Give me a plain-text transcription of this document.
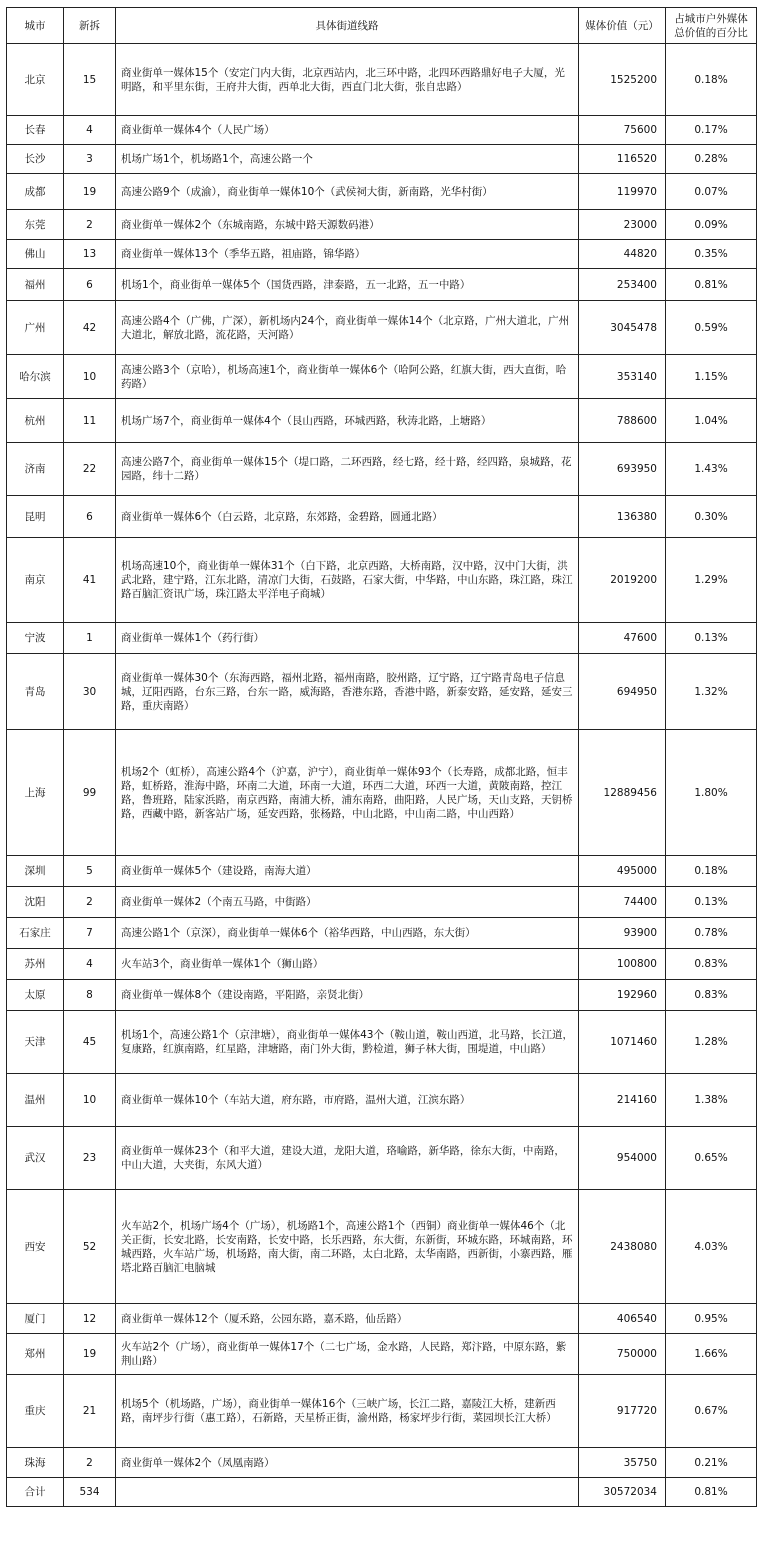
城市	新拆	具体街道线路	媒体价值（元）	占城市户外媒体总价值的百分比
北京	15	商业街单一媒体15个（安定门内大街，北京西站内，北三环中路，北四环西路鼎好电子大厦，光明路，和平里东街，王府井大街，西单北大街，西直门北大街，张自忠路）	1525200	0.18%
长春	4	商业街单一媒体4个（人民广场）	75600	0.17%
长沙	3	机场广场1个，机场路1个，高速公路一个	116520	0.28%
成都	19	高速公路9个（成渝），商业街单一媒体10个（武侯祠大街，新南路，光华村街）	119970	0.07%
东莞	2	商业街单一媒体2个（东城南路，东城中路天源数码港）	23000	0.09%
佛山	13	商业街单一媒体13个（季华五路，祖庙路，锦华路）	44820	0.35%
福州	6	机场1个，商业街单一媒体5个（国货西路，津泰路，五一北路，五一中路）	253400	0.81%
广州	42	高速公路4个（广佛，广深），新机场内24个，商业街单一媒体14个（北京路，广州大道北，广州大道北，解放北路，流花路，天河路）	3045478	0.59%
哈尔滨	10	高速公路3个（京哈），机场高速1个，商业街单一媒体6个（哈阿公路，红旗大街，西大直街，哈药路）	353140	1.15%
杭州	11	机场广场7个，商业街单一媒体4个（艮山西路，环城西路，秋涛北路，上塘路）	788600	1.04%
济南	22	高速公路7个，商业街单一媒体15个（堤口路，二环西路，经七路，经十路，经四路，泉城路，花园路，纬十二路）	693950	1.43%
昆明	6	商业街单一媒体6个（白云路，北京路，东郊路，金碧路，圆通北路）	136380	0.30%
南京	41	机场高速10个，商业街单一媒体31个（白下路，北京西路，大桥南路，汉中路，汉中门大街，洪武北路，建宁路，江东北路，清凉门大街，石鼓路，石家大街，中华路，中山东路，珠江路，珠江路百脑汇资讯广场，珠江路太平洋电子商城）	2019200	1.29%
宁波	1	商业街单一媒体1个（药行街）	47600	0.13%
青岛	30	商业街单一媒体30个（东海西路，福州北路，福州南路，胶州路，辽宁路，辽宁路青岛电子信息城，辽阳西路，台东三路，台东一路，威海路，香港东路，香港中路，新泰安路，延安路，延安三路，重庆南路）	694950	1.32%
上海	99	机场2个（虹桥），高速公路4个（沪嘉，沪宁），商业街单一媒体93个（长寿路，成都北路，恒丰路，虹桥路，淮海中路，环南二大道，环南一大道，环西二大道，环西一大道，黄陂南路，控江路，鲁班路，陆家浜路，南京西路，南浦大桥，浦东南路，曲阳路，人民广场，天山支路，天钥桥路，西藏中路，新客站广场，延安西路，张杨路，中山北路，中山南二路，中山西路）	12889456	1.80%
深圳	5	商业街单一媒体5个（建设路，南海大道）	495000	0.18%
沈阳	2	商业街单一媒体2（个南五马路，中街路）	74400	0.13%
石家庄	7	高速公路1个（京深），商业街单一媒体6个（裕华西路，中山西路，东大街）	93900	0.78%
苏州	4	火车站3个，商业街单一媒体1个（狮山路）	100800	0.83%
太原	8	商业街单一媒体8个（建设南路，平阳路，亲贤北街）	192960	0.83%
天津	45	机场1个，高速公路1个（京津塘），商业街单一媒体43个（鞍山道，鞍山西道，北马路，长江道，复康路，红旗南路，红星路，津塘路，南门外大街，黔检道，狮子林大街，围堤道，中山路）	1071460	1.28%
温州	10	商业街单一媒体10个（车站大道，府东路，市府路，温州大道，江滨东路）	214160	1.38%
武汉	23	商业街单一媒体23个（和平大道，建设大道，龙阳大道，珞喻路，新华路，徐东大街，中南路，中山大道，大夹街，东风大道）	954000	0.65%
西安	52	火车站2个，机场广场4个（广场），机场路1个，高速公路1个（西铜）商业街单一媒体46个（北关正街，长安北路，长安南路，长安中路，长乐西路，东大街，东新街，环城东路，环城南路，环城西路，火车站广场，机场路，南大街，南二环路，太白北路，太华南路，西新街，小寨西路，雁塔北路百脑汇电脑城	2438080	4.03%
厦门	12	商业街单一媒体12个（厦禾路，公园东路，嘉禾路，仙岳路）	406540	0.95%
郑州	19	火车站2个（广场），商业街单一媒体17个（二七广场，金水路，人民路，郑汴路，中原东路，紫荆山路）	750000	1.66%
重庆	21	机场5个（机场路，广场），商业街单一媒体16个（三峡广场，长江二路，嘉陵江大桥，建新西路，南坪步行街（惠工路），石新路，天星桥正街，渝州路，杨家坪步行街，菜园坝长江大桥）	917720	0.67%
珠海	2	商业街单一媒体2个（凤凰南路）	35750	0.21%
合计	534		30572034	0.81%
